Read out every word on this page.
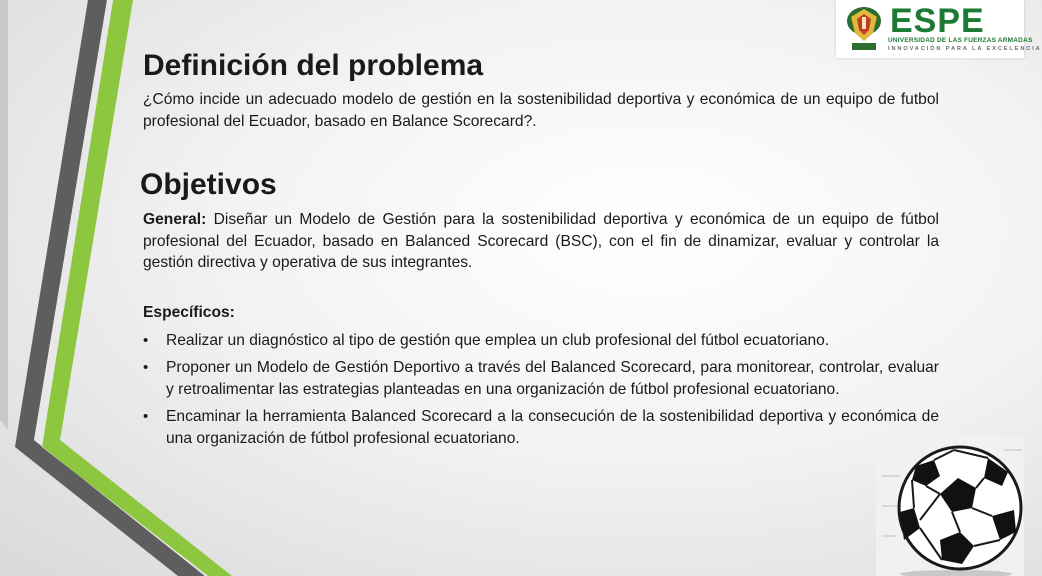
ESPE
UNIVERSIDAD DE LAS FUERZAS ARMADAS
INNOVACIÓN PARA LA EXCELENCIA
Definición del problema

¿Cómo incide un adecuado modelo de gestión en la sostenibilidad deportiva y económica de un equipo de futbol profesional del Ecuador, basado en Balance Scorecard?.

Objetivos

General: Diseñar un Modelo de Gestión para la sostenibilidad deportiva y económica de un equipo de fútbol profesional del Ecuador, basado en Balanced Scorecard (BSC), con el fin de dinamizar, evaluar y controlar la gestión directiva y operativa de sus integrantes.

Específicos:

• Realizar un diagnóstico al tipo de gestión que emplea un club profesional del fútbol ecuatoriano.
• Proponer un Modelo de Gestión Deportivo a través del Balanced Scorecard, para monitorear, controlar, evaluar y retroalimentar las estrategias planteadas en una organización de fútbol profesional ecuatoriano.
• Encaminar la herramienta Balanced Scorecard a la consecución de la sostenibilidad deportiva y económica de una organización de fútbol profesional ecuatoriano.
